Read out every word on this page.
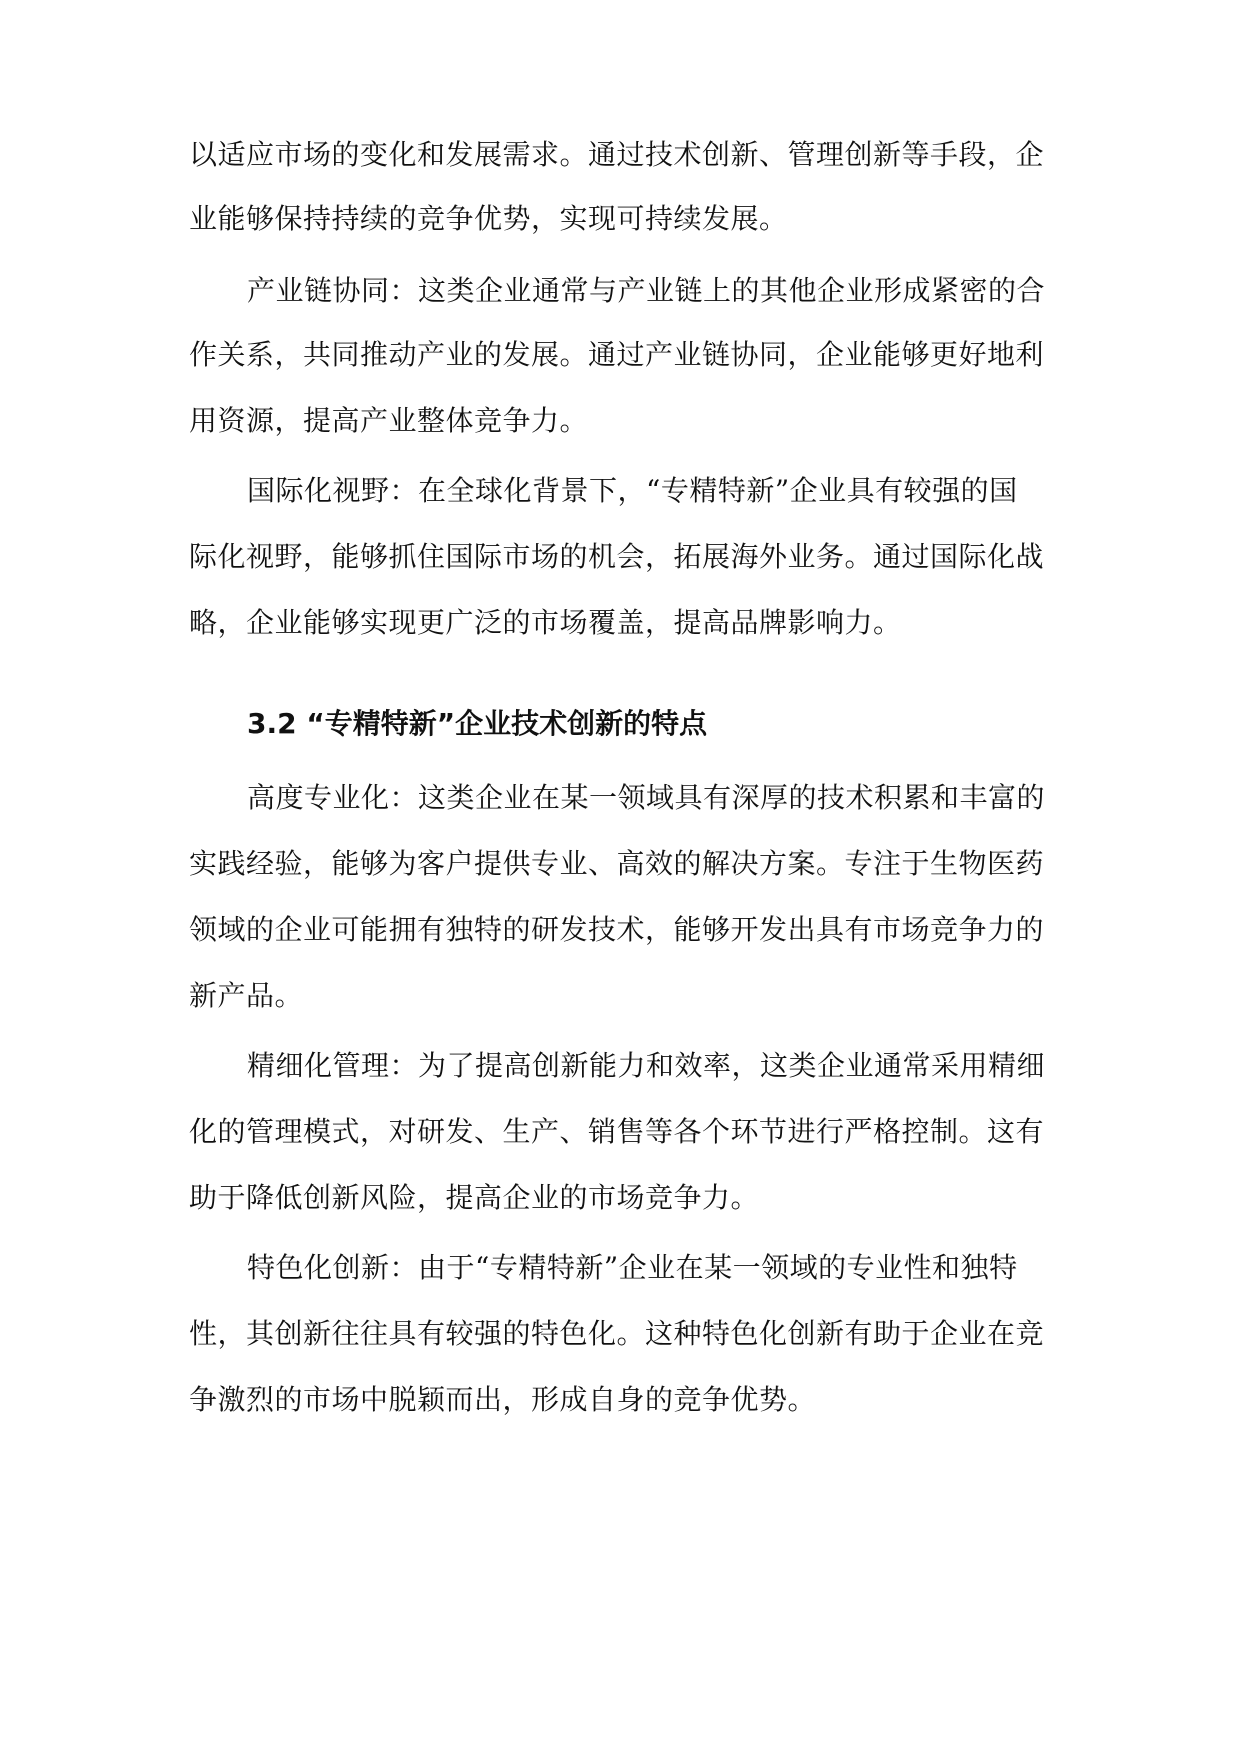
以适应市场的变化和发展需求。通过技术创新、管理创新等手段，企
业能够保持持续的竞争优势，实现可持续发展。
产业链协同：这类企业通常与产业链上的其他企业形成紧密的合
作关系，共同推动产业的发展。通过产业链协同，企业能够更好地利
用资源，提高产业整体竞争力。
国际化视野：在全球化背景下，“专精特新”企业具有较强的国
际化视野，能够抓住国际市场的机会，拓展海外业务。通过国际化战
略，企业能够实现更广泛的市场覆盖，提高品牌影响力。
3.2 “专精特新”企业技术创新的特点
高度专业化：这类企业在某一领域具有深厚的技术积累和丰富的
实践经验，能够为客户提供专业、高效的解决方案。专注于生物医药
领域的企业可能拥有独特的研发技术，能够开发出具有市场竞争力的
新产品。
精细化管理：为了提高创新能力和效率，这类企业通常采用精细
化的管理模式，对研发、生产、销售等各个环节进行严格控制。这有
助于降低创新风险，提高企业的市场竞争力。
特色化创新：由于“专精特新”企业在某一领域的专业性和独特
性，其创新往往具有较强的特色化。这种特色化创新有助于企业在竞
争激烈的市场中脱颖而出，形成自身的竞争优势。
